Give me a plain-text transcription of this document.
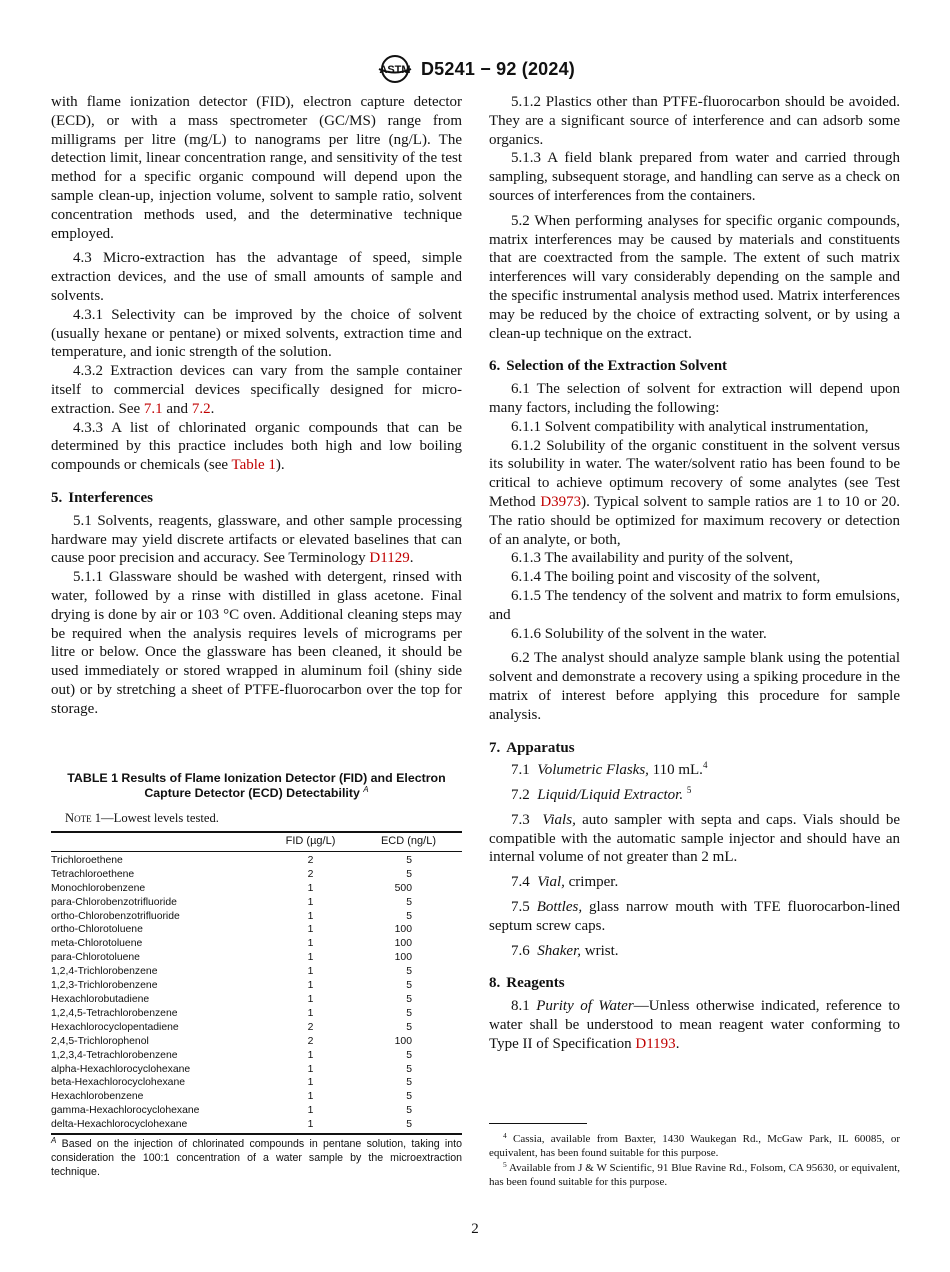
ASTM D5241 − 92 (2024)

with flame ionization detector (FID), electron capture detector (ECD), or with a mass spectrometer (GC/MS) range from milligrams per litre (mg/L) to nanograms per litre (ng/L). The detection limit, linear concentration range, and sensitivity of the test method for a specific organic compound will depend upon the sample clean-up, injection volume, solvent to sample ratio, solvent concentration methods used, and the determinative technique employed.

4.3 Micro-extraction has the advantage of speed, simple extraction devices, and the use of small amounts of sample and solvents.

4.3.1 Selectivity can be improved by the choice of solvent (usually hexane or pentane) or mixed solvents, extraction time and temperature, and ionic strength of the solution.

4.3.2 Extraction devices can vary from the sample container itself to commercial devices specifically designed for micro-extraction. See 7.1 and 7.2.

4.3.3 A list of chlorinated organic compounds that can be determined by this practice includes both high and low boiling compounds or chemicals (see Table 1).

5. Interferences

5.1 Solvents, reagents, glassware, and other sample processing hardware may yield discrete artifacts or elevated baselines that can cause poor precision and accuracy. See Terminology D1129.

5.1.1 Glassware should be washed with detergent, rinsed with water, followed by a rinse with distilled in glass acetone. Final drying is done by air or 103 °C oven. Additional cleaning steps may be required when the analysis requires levels of micrograms per litre or below. Once the glassware has been cleaned, it should be used immediately or stored wrapped in aluminum foil (shiny side out) or by stretching a sheet of PTFE-fluorocarbon over the top for storage.

TABLE 1 Results of Flame Ionization Detector (FID) and Electron Capture Detector (ECD) Detectability $^A$
Note 1—Lowest levels tested.
	FID (µg/L)	ECD (ng/L)
Trichloroethene	2	5
Tetrachloroethene	2	5
Monochlorobenzene	1	500
para-Chlorobenzotrifluoride	1	5
ortho-Chlorobenzotrifluoride	1	5
ortho-Chlorotoluene	1	100
meta-Chlorotoluene	1	100
para-Chlorotoluene	1	100
1,2,4-Trichlorobenzene	1	5
1,2,3-Trichlorobenzene	1	5
Hexachlorobutadiene	1	5
1,2,4,5-Tetrachlorobenzene	1	5
Hexachlorocyclopentadiene	2	5
2,4,5-Trichlorophenol	2	100
1,2,3,4-Tetrachlorobenzene	1	5
alpha-Hexachlorocyclohexane	1	5
beta-Hexachlorocyclohexane	1	5
Hexachlorobenzene	1	5
gamma-Hexachlorocyclohexane	1	5
delta-Hexachlorocyclohexane	1	5
$^A$ Based on the injection of chlorinated compounds in pentane solution, taking into consideration the 100:1 concentration of a water sample by the microextraction technique.

5.1.2 Plastics other than PTFE-fluorocarbon should be avoided. They are a significant source of interference and can adsorb some organics.

5.1.3 A field blank prepared from water and carried through sampling, subsequent storage, and handling can serve as a check on sources of interferences from the containers.

5.2 When performing analyses for specific organic compounds, matrix interferences may be caused by materials and constituents that are coextracted from the sample. The extent of such matrix interferences will vary considerably depending on the sample and the specific instrumental analysis method used. Matrix interferences may be reduced by the choice of extracting solvent, or by using a clean-up technique on the extract.

6. Selection of the Extraction Solvent

6.1 The selection of solvent for extraction will depend upon many factors, including the following:

6.1.1 Solvent compatibility with analytical instrumentation,

6.1.2 Solubility of the organic constituent in the solvent versus its solubility in water. The water/solvent ratio has been found to be critical to achieve optimum recovery of some analytes (see Test Method D3973). Typical solvent to sample ratios are 1 to 10 or 20. The ratio should be optimized for maximum recovery or detection of an analyte, or both,

6.1.3 The availability and purity of the solvent,

6.1.4 The boiling point and viscosity of the solvent,

6.1.5 The tendency of the solvent and matrix to form emulsions, and

6.1.6 Solubility of the solvent in the water.

6.2 The analyst should analyze sample blank using the potential solvent and demonstrate a recovery using a spiking procedure in the matrix of interest before applying this procedure for sample analysis.

7. Apparatus

7.1 Volumetric Flasks, 110 mL.$^4$

7.2 Liquid/Liquid Extractor. $^5$

7.3 Vials, auto sampler with septa and caps. Vials should be compatible with the automatic sample injector and should have an internal volume of not greater than 2 mL.

7.4 Vial, crimper.

7.5 Bottles, glass narrow mouth with TFE fluorocarbon-lined septum screw caps.

7.6 Shaker, wrist.

8. Reagents

8.1 Purity of Water—Unless otherwise indicated, reference to water shall be understood to mean reagent water conforming to Type II of Specification D1193.

$^4$ Cassia, available from Baxter, 1430 Waukegan Rd., McGaw Park, IL 60085, or equivalent, has been found suitable for this purpose.

$^5$ Available from J & W Scientific, 91 Blue Ravine Rd., Folsom, CA 95630, or equivalent, has been found suitable for this purpose.

2
